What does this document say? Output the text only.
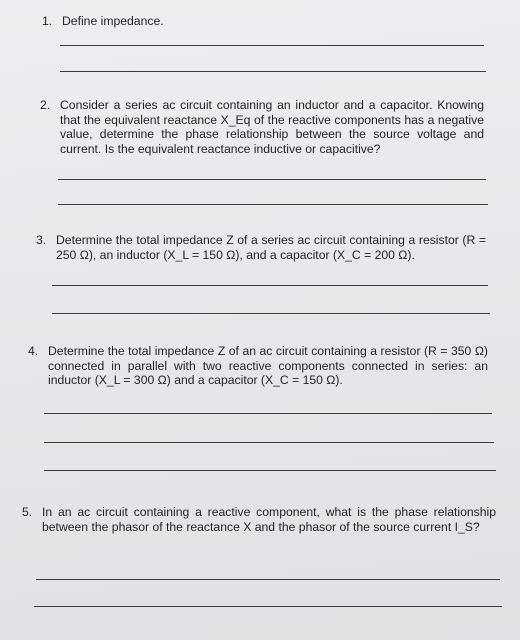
1. Define impedance.
2. Consider a series ac circuit containing an inductor and a capacitor. Knowing that the equivalent reactance X_Eq of the reactive components has a negative value, determine the phase relationship between the source voltage and current. Is the equivalent reactance inductive or capacitive?
3. Determine the total impedance Z of a series ac circuit containing a resistor (R = 250 Ω), an inductor (X_L = 150 Ω), and a capacitor (X_C = 200 Ω).
4. Determine the total impedance Z of an ac circuit containing a resistor (R = 350 Ω) connected in parallel with two reactive components connected in series: an inductor (X_L = 300 Ω) and a capacitor (X_C = 150 Ω).
5. In an ac circuit containing a reactive component, what is the phase relationship between the phasor of the reactance X and the phasor of the source current I_S?
